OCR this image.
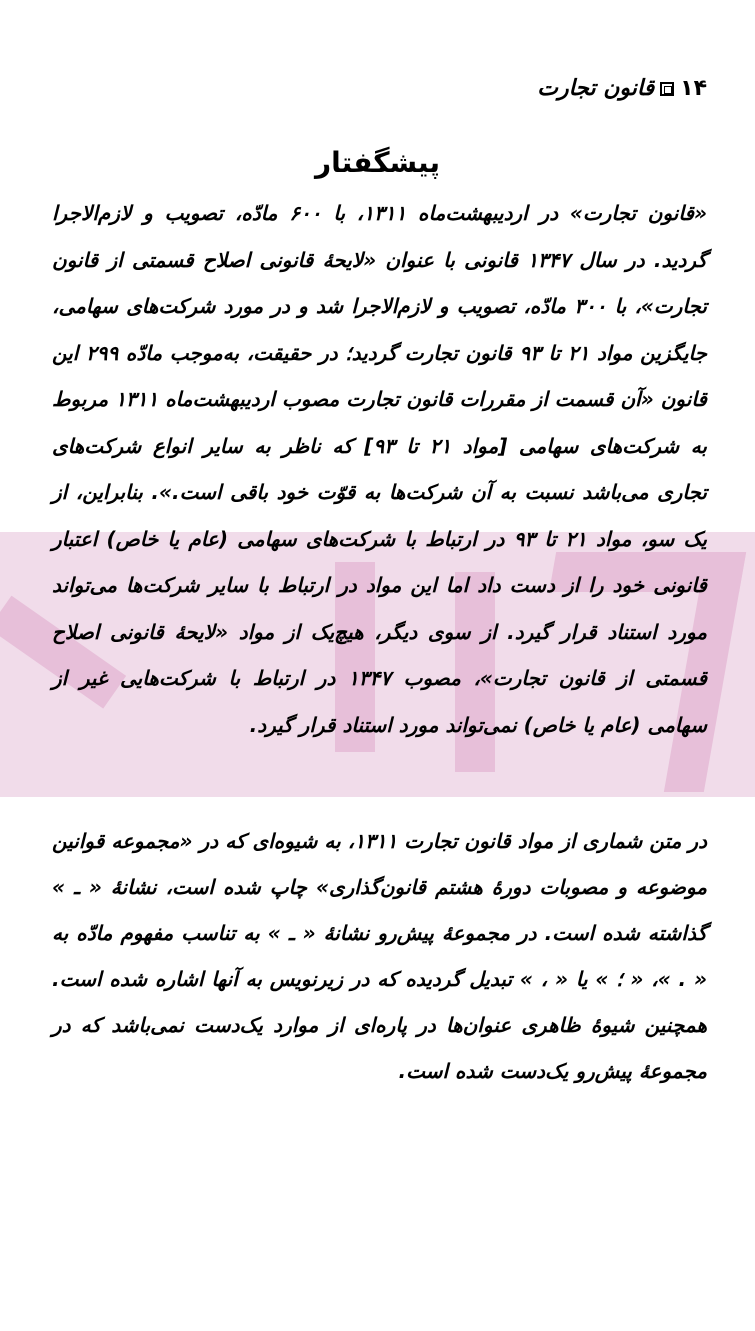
۱۴
قانون تجارت
پیشگفتار
«قانون تجارت» در اردیبهشت‌ماه ۱۳۱۱، با ۶۰۰ مادّه، تصویب و لازم‌الاجرا گردید. در سال ۱۳۴۷ قانونی با عنوان «لایحهٔ قانونی اصلاح قسمتی از قانون تجارت»، با ۳۰۰ مادّه، تصویب و لازم‌الاجرا شد و در مورد شرکت‌های سهامی، جایگزین مواد ۲۱ تا ۹۳ قانون تجارت گردید؛ در حقیقت، به‌موجب مادّه ۲۹۹ این قانون «آن قسمت از مقررات قانون تجارت مصوب اردیبهشت‌ماه ۱۳۱۱ مربوط به شرکت‌های سهامی [مواد ۲۱ تا ۹۳] که ناظر به سایر انواع شرکت‌های تجاری می‌باشد نسبت به آن شرکت‌ها به قوّت خود باقی است.». بنابراین، از یک سو، مواد ۲۱ تا ۹۳ در ارتباط با شرکت‌های سهامی (عام یا خاص) اعتبار قانونی خود را از دست داد اما این مواد در ارتباط با سایر شرکت‌ها می‌تواند مورد استناد قرار گیرد. از سوی دیگر، هیچ‌یک از مواد «لایحهٔ قانونی اصلاح قسمتی از قانون تجارت»، مصوب ۱۳۴۷ در ارتباط با شرکت‌هایی غیر از سهامی (عام یا خاص) نمی‌تواند مورد استناد قرار گیرد.
در متن شماری از مواد قانون تجارت ۱۳۱۱، به شیوه‌ای که در «مجموعه قوانین موضوعه و مصوبات دورهٔ هشتم قانون‌گذاری» چاپ شده است، نشانهٔ « ـ » گذاشته شده است. در مجموعهٔ پیش‌رو نشانهٔ « ـ » به تناسب مفهوم مادّه به « . »، « ؛ » یا « ، » تبدیل گردیده که در زیرنویس به آنها اشاره شده است. همچنین شیوهٔ ظاهری عنوان‌ها در پاره‌ای از موارد یک‌دست نمی‌باشد که در مجموعهٔ پیش‌رو یک‌دست شده است.
